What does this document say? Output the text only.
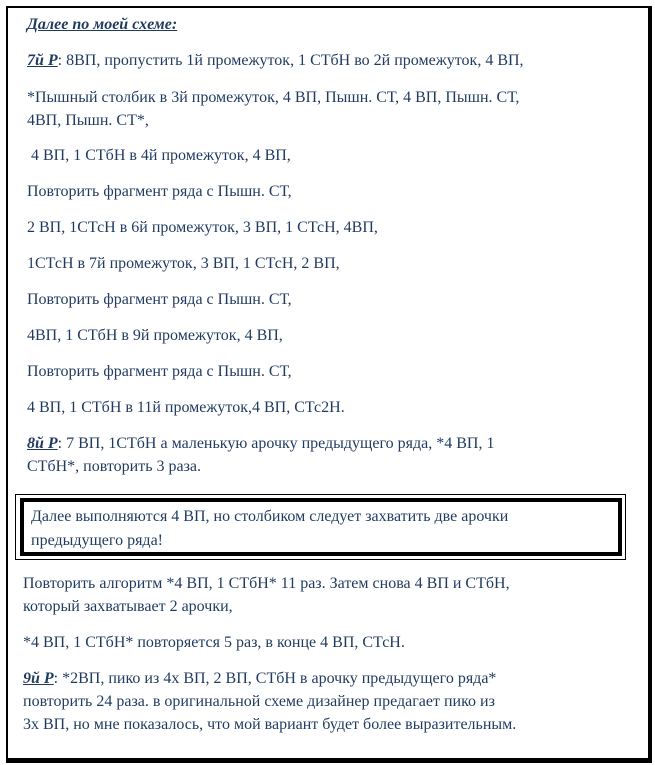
Далее по моей схеме:

7й Р: 8ВП, пропустить 1й промежуток, 1 СТбН во 2й промежуток, 4 ВП,

*Пышный столбик в 3й промежуток, 4 ВП, Пышн. СТ, 4 ВП, Пышн. СТ,

4ВП, Пышн. СТ*,

4 ВП, 1 СТбН в 4й промежуток, 4 ВП,

Повторить фрагмент ряда с Пышн. СТ,

2 ВП, 1СТсН в 6й промежуток, 3 ВП, 1 СТсН, 4ВП,

1СТсН в 7й промежуток, 3 ВП, 1 СТсН, 2 ВП,

Повторить фрагмент ряда с Пышн. СТ,

4ВП, 1 СТбН в 9й промежуток, 4 ВП,

Повторить фрагмент ряда с Пышн. СТ,

4 ВП, 1 СТбН в 11й промежуток,4 ВП, СТс2Н.

8й Р: 7 ВП, 1СТбН а маленькую арочку предыдущего ряда, *4 ВП, 1

СТбН*, повторить 3 раза.

Далее выполняются 4 ВП, но столбиком следует захватить две арочки

предыдущего ряда!

Повторить алгоритм *4 ВП, 1 СТбН* 11 раз. Затем снова 4 ВП и СТбН,

который захватывает 2 арочки,

*4 ВП, 1 СТбН* повторяется 5 раз, в конце 4 ВП, СТсН.

9й Р: *2ВП, пико из 4х ВП, 2 ВП, СТбН в арочку предыдущего ряда*

повторить 24 раза. в оригинальной схеме дизайнер предагает пико из

3х ВП, но мне показалось, что мой вариант будет более выразительным.
